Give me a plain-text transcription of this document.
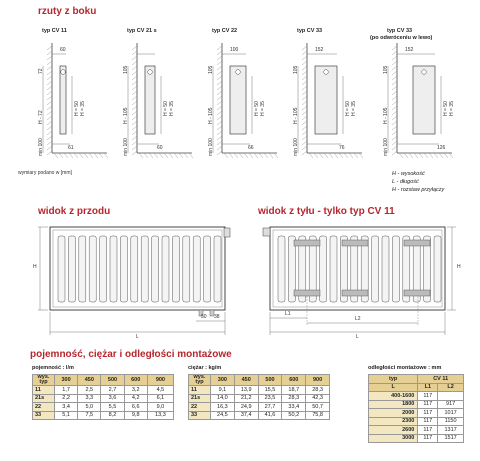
rzuty z boku
typ CV 11
60
61
H - 72
min 100
72
H = 50 H = 35
typ CV 21 s
60
H - 105
min 100
105
H = 50 H = 35
typ CV 22
100
66
H - 105
min 100
105
H = 50 H = 35
typ CV 33
152
76
H - 105
min 100
105
H = 50 H = 35
typ CV 33
(po odwróceniu w lewo)
152
126
H - 105
min 100
105
H = 50 H = 35
wymiary podano w [mm]	H - wysokość
L - długość
H - rozstaw przyłączy
widok z przodu
H
L
50 38
widok z tyłu - tylko typ CV 11
L1
L2
L
H
pojemność, ciężar i odległości montażowe
pojemność : l/m
wys.
typ	300	450	500	600	900
11	1,7	2,5	2,7	3,2	4,5
21s	2,2	3,3	3,6	4,2	6,1
22	3,4	5,0	5,5	6,6	9,0
33	5,1	7,5	8,2	9,8	13,3
ciężar : kg/m
wys.
typ	300	450	500	600	900
11	9,1	13,9	15,5	18,7	28,3
21s	14,0	21,2	23,5	28,3	42,3
22	16,3	24,9	27,7	33,4	50,7
33	24,5	37,4	41,6	50,2	75,8
odległości montażowe : mm
typ	CV 11	
L	L1	L2
400-1600	117	
1800	117	917
2000	117	1017
2300	117	1150
2600	117	1317
3000	117	1517
